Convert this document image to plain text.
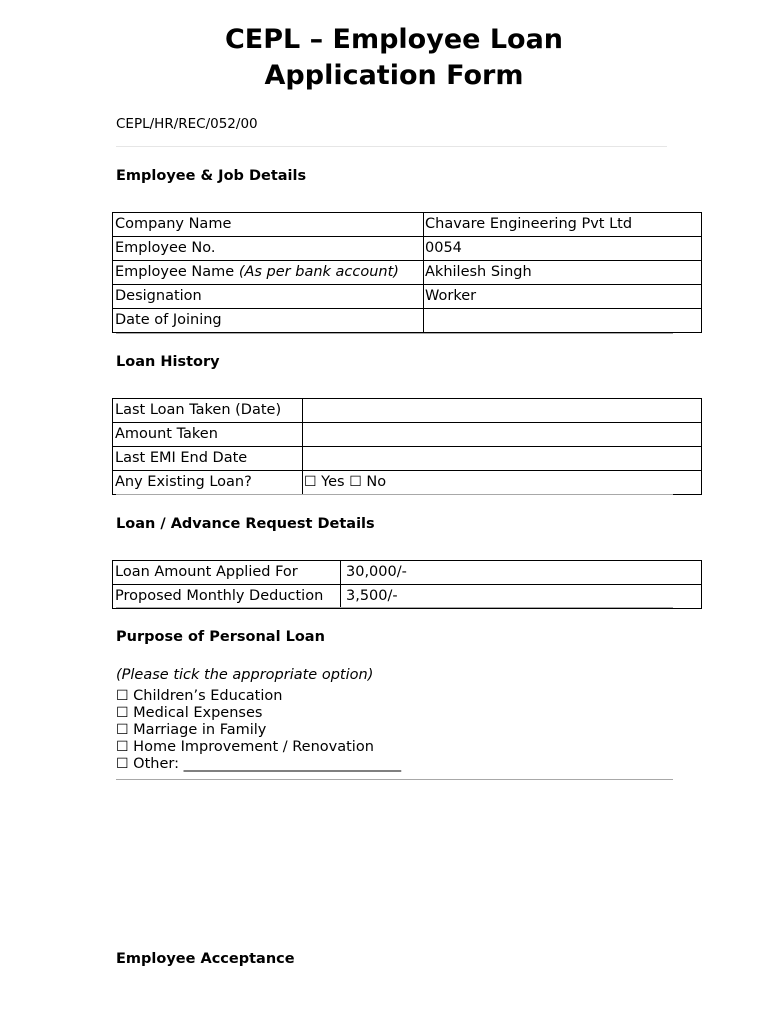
CEPL – Employee Loan
Application Form
CEPL/HR/REC/052/00
Employee & Job Details
Company Name	Chavare Engineering Pvt Ltd
Employee No.	0054
Employee Name (As per bank account)	Akhilesh Singh
Designation	Worker
Date of Joining	
Loan History
Last Loan Taken (Date)	
Amount Taken	
Last EMI End Date	
Any Existing Loan?	☐ Yes ☐ No
Loan / Advance Request Details
Loan Amount Applied For	30,000/-
Proposed Monthly Deduction	3,500/-
Purpose of Personal Loan
(Please tick the appropriate option)
☐ Children’s Education
☐ Medical Expenses
☐ Marriage in Family
☐ Home Improvement / Renovation
☐ Other: ______________________________
Employee Acceptance
